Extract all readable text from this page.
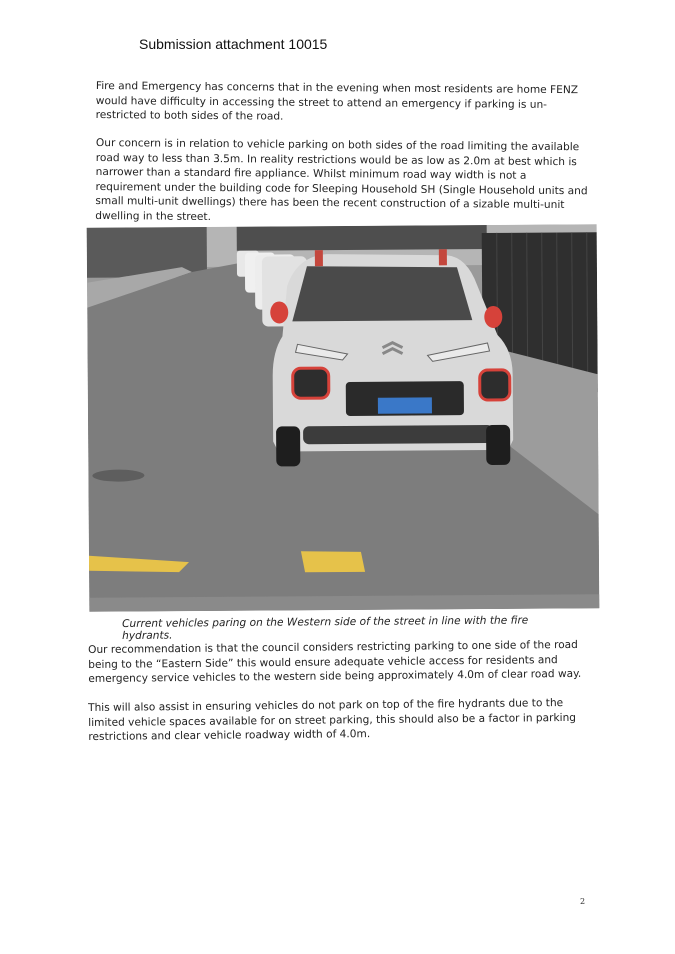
Submission attachment 10015

Fire and Emergency has concerns that in the evening when most residents are home FENZ would have difficulty in accessing the street to attend an emergency if parking is un-restricted to both sides of the road.

Our concern is in relation to vehicle parking on both sides of the road limiting the available road way to less than 3.5m. In reality restrictions would be as low as 2.0m at best which is narrower than a standard fire appliance. Whilst minimum road way width is not a requirement under the building code for Sleeping Household SH (Single Household units and small multi-unit dwellings) there has been the recent construction of a sizable multi-unit dwelling in the street.

Current vehicles paring on the Western side of the street in line with the fire hydrants.

Our recommendation is that the council considers restricting parking to one side of the road being to the “Eastern Side” this would ensure adequate vehicle access for residents and emergency service vehicles to the western side being approximately 4.0m of clear road way.

This will also assist in ensuring vehicles do not park on top of the fire hydrants due to the limited vehicle spaces available for on street parking, this should also be a factor in parking restrictions and clear vehicle roadway width of 4.0m.

2
